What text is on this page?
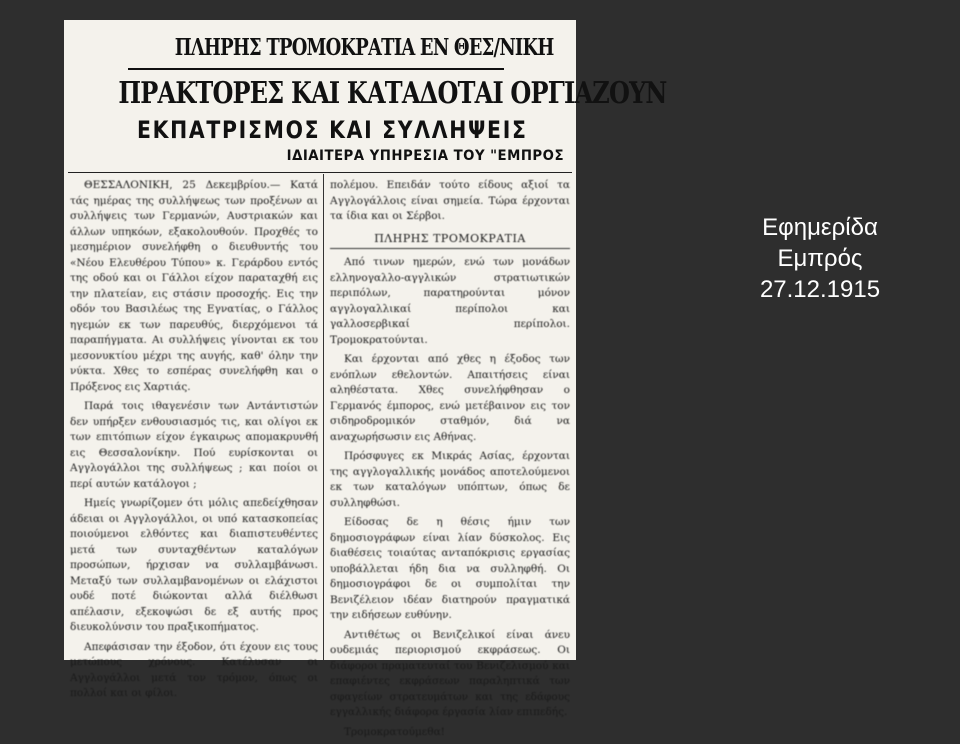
ΠΛΗΡΗΣ ΤΡΟΜΟΚΡΑΤΙΑ ΕΝ ΘΕΣ/ΝΙΚΗ
ΠΡΑΚΤΟΡΕΣ ΚΑΙ ΚΑΤΑΔΟΤΑΙ ΟΡΓΙΑΖΟΥΝ
ΕΚΠΑΤΡΙΣΜΟΣ ΚΑΙ ΣΥΛΛΗΨΕΙΣ
ΙΔΙΑΙΤΕΡΑ ΥΠΗΡΕΣΙΑ ΤΟΥ "ΕΜΠΡΟΣ

ΘΕΣΣΑΛΟΝΙΚΗ, 25 Δεκεμβρίου.— Κατά τάς ημέρας της συλλήψεως των προξένων αι συλλήψεις των Γερμανών, Αυστριακών και άλλων υπηκόων, εξακολουθούν. Προχθές το μεσημέριον συνελήφθη ο διευθυντής του «Νέου Ελευθέρου Τύπου» κ. Γεράρδου εντός της οδού και οι Γάλλοι είχον παραταχθή εις την πλατείαν, εις στάσιν προσοχής. Εις την οδόν του Βασιλέως της Εγνατίας, ο Γάλλος ηγεμών εκ των παρευθύς, διερχόμενοι τά παραπήγματα. Αι συλλήψεις γίνονται εκ του μεσονυκτίου μέχρι της αυγής, καθ' όλην την νύκτα. Χθες το εσπέρας συνελήφθη και ο Πρόξενος εις Χαρτιάς.

Παρά τοις ιθαγενέσιν των Αντάντιστών δεν υπήρξεν ενθουσιασμός τις, και ολίγοι εκ των επιτόπιων είχον έγκαιρως απομακρυνθή εις Θεσσαλονίκην. Πού ευρίσκονται οι Αγγλογάλλοι της συλλήψεως ; και ποίοι οι περί αυτών κατάλογοι ;

Ημείς γνωρίζομεν ότι μόλις απεδείχθησαν άδειαι οι Αγγλογάλλοι, οι υπό κατασκοπείας ποιούμενοι ελθόντες και διαπιστευθέντες μετά των συνταχθέντων καταλόγων προσώπων, ήρχισαν να συλλαμβάνωσι. Μεταξύ των συλλαμβανομένων οι ελάχιστοι ουδέ ποτέ διώκονται αλλά διέλθωσι απέλασιν, εξεκοψώσι δε εξ αυτής προς διευκολύνσιν του πραξικοπήματος.

Απεφάσισαν την έξοδον, ότι έχουν εις τους μετώπους χρόνους. Κατέλυσαν οι Αγγλογάλλοι μετά τον τρόμον, όπως οι πολλοί και οι φίλοι.

πολέμου. Επειδάν τούτο είδους αξιοί τα Αγγλογάλλοις είναι σημεία. Τώρα έρχονται τα ίδια και οι Σέρβοι.

ΠΛΗΡΗΣ ΤΡΟΜΟΚΡΑΤΙΑ

Από τινων ημερών, ενώ των μονάδων ελληνογαλλο-αγγλικών στρατιωτικών περιπόλων, παρατηρούνται μόνον αγγλογαλλικαί περίπολοι και γαλλοσερβικαί περίπολοι. Τρομοκρατούνται.

Και έρχονται από χθες η έξοδος των ενόπλων εθελοντών. Απαιτήσεις είναι αληθέστατα. Χθες συνελήφθησαν ο Γερμανός έμπορος, ενώ μετέβαινον εις τον σιδηροδρομικόν σταθμόν, διά να αναχωρήσωσιν εις Αθήνας.

Πρόσφυγες εκ Μικράς Ασίας, έρχονται της αγγλογαλλικής μονάδος αποτελούμενοι εκ των καταλόγων υπόπτων, όπως δε συλληφθώσι.

Είδοσας δε η θέσις ήμιν των δημοσιογράφων είναι λίαν δύσκολος. Εις διαθέσεις τοιαύτας ανταπόκρισις εργασίας υποβάλλεται ήδη δια να συλληφθή. Οι δημοσιογράφοι δε οι συμπολίται την Βενιζέλειον ιδέαν διατηρούν πραγματικά την ειδήσεων ευθύνην.

Αντιθέτως οι Βενιζελικοί είναι άνευ ουδεμιάς περιορισμού εκφράσεως. Οι διάφοροι πραματευταί του Βενιζελισμού και επαφιέντες εκφράσεων παραληπτικά των σφαγείων στρατευμάτων και της εδάφους εγγαλλικής διάφορα έργασία λίαν επιπεδής.

Τρομοκρατούμεθα!

Εφημερίδα
Εμπρός
27.12.1915
